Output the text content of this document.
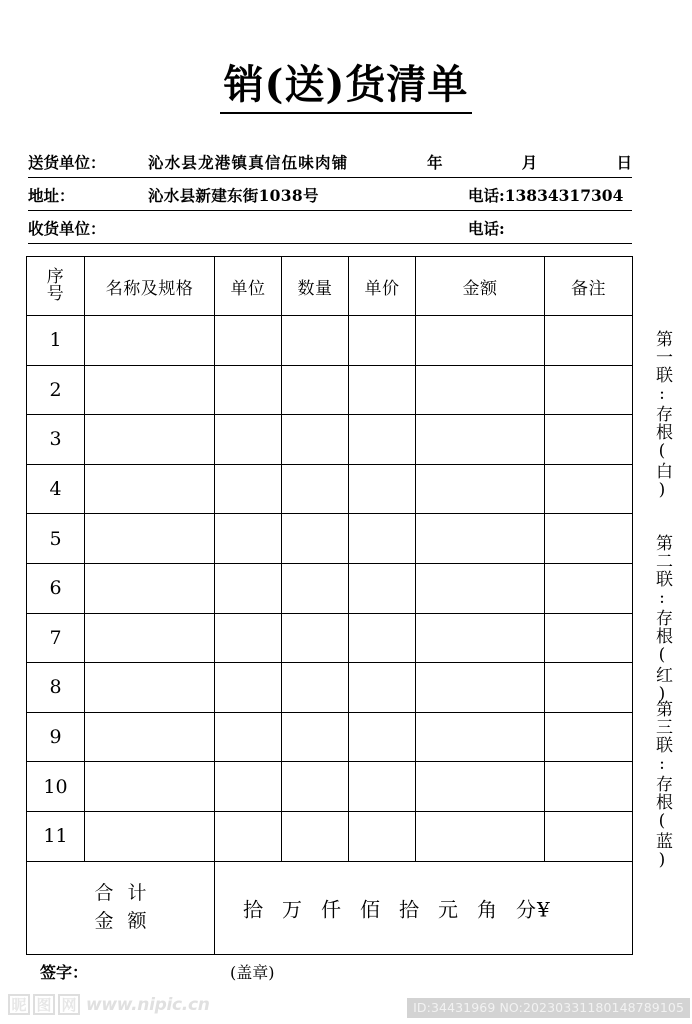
销(送)货清单
送货单位：	沁水县龙港镇真信伍味肉铺	年	月	日
地址：	沁水县新建东街1038号	电话:13834317304
收货单位：	电话:
序
号	名称及规格	单位	数量	单价	金额	备注
1						
2						
3						
4						
5						
6						
7						
8						
9						
10						
11						

合 计
金 额	拾 万 仟 佰 拾 元 角 分 ¥
第一联:存根(白)
第二联:存根(红)
第三联:存根(蓝)
签字：	(盖章)
昵 图 网 www.nipic.cn	ID:34431969 NO:20230331180148789105
